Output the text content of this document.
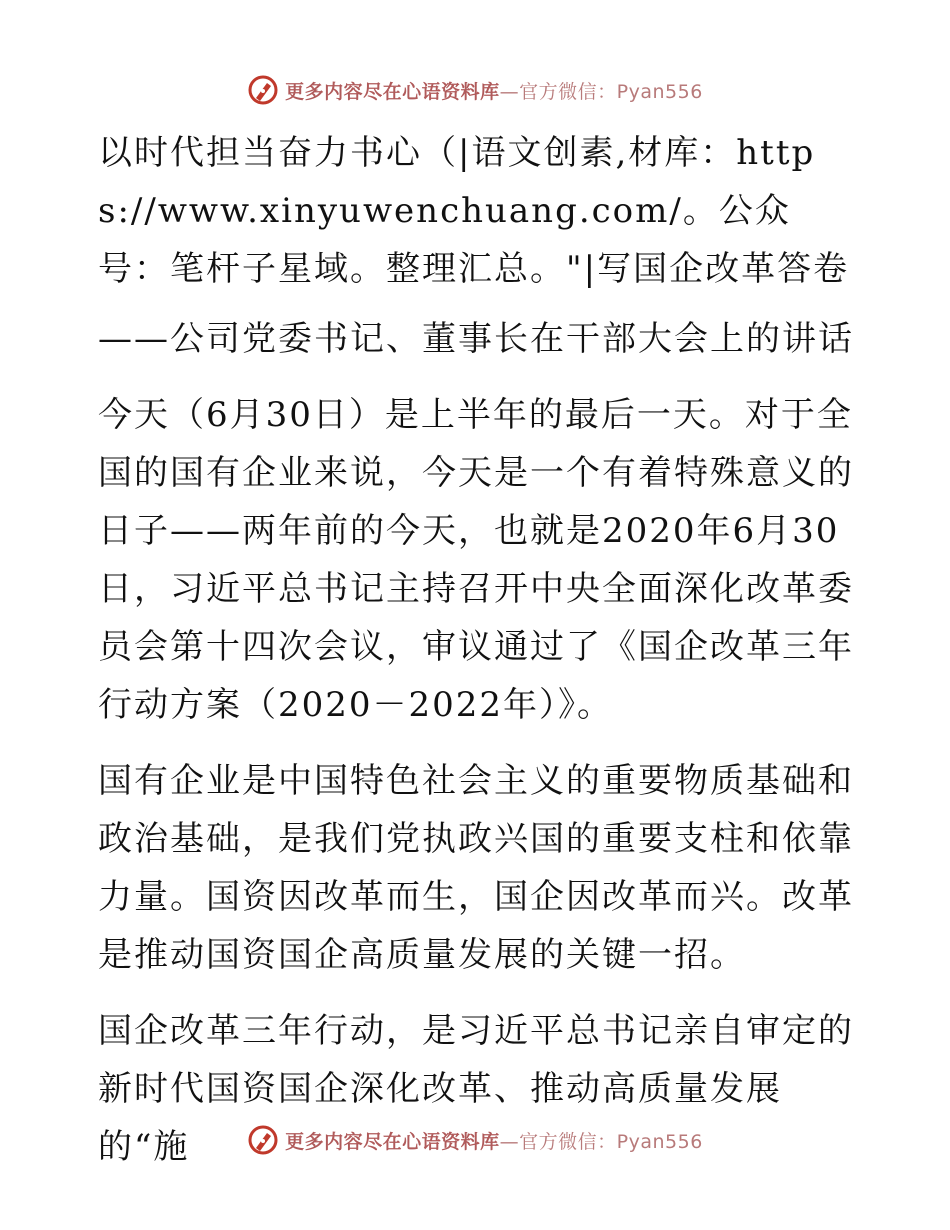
更多内容尽在心语资料库—官方微信：Pyan556

以时代担当奋力书心（|语文创素,材库：https://www.xinyuwenchuang.com/。公众号：笔杆子星域。整理汇总。"|写国企改革答卷

——公司党委书记、董事长在干部大会上的讲话

今天（6月30日）是上半年的最后一天。对于全国的国有企业来说，今天是一个有着特殊意义的日子——两年前的今天，也就是2020年6月30日，习近平总书记主持召开中央全面深化改革委员会第十四次会议，审议通过了《国企改革三年行动方案（2020－2022年）》。

国有企业是中国特色社会主义的重要物质基础和政治基础，是我们党执政兴国的重要支柱和依靠力量。国资因改革而生，国企因改革而兴。改革是推动国资国企高质量发展的关键一招。

国企改革三年行动，是习近平总书记亲自审定的新时代国资国企深化改革、推动高质量发展的“施	更多内容尽在心语资料库—官方微信：Pyan556
